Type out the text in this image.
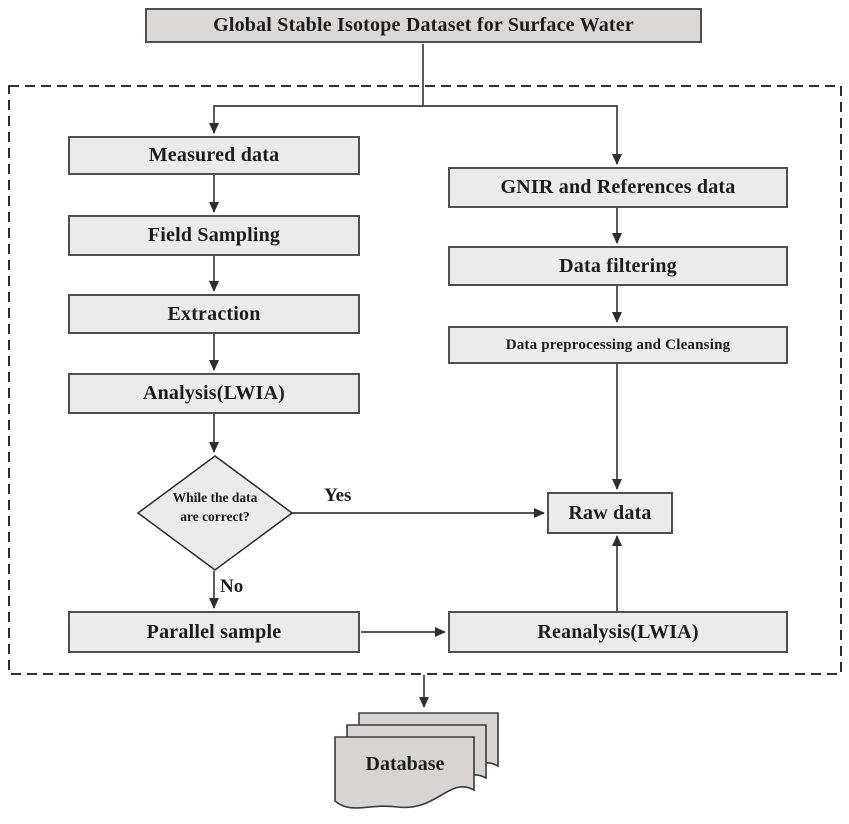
Global Stable Isotope Dataset for Surface Water
Measured data
Field Sampling
Extraction
Analysis(LWIA)
Parallel sample
GNIR and References data
Data filtering
Data preprocessing and Cleansing
Raw data
Reanalysis(LWIA)
While the data
are correct?
Yes
No
Database
